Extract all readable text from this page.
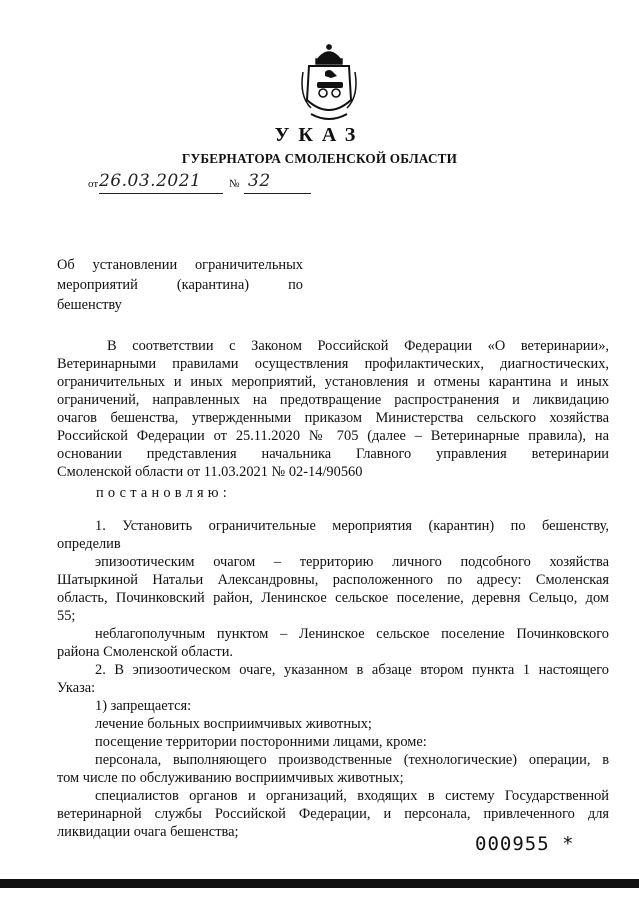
УКАЗ
ГУБЕРНАТОРА СМОЛЕНСКОЙ ОБЛАСТИ
от 26.03.2021	№ 32
Об установлении ограничительных
мероприятий (карантина) по
бешенству
В соответствии с Законом Российской Федерации «О ветеринарии»,
Ветеринарными правилами осуществления профилактических, диагностических,
ограничительных и иных мероприятий, установления и отмены карантина и иных
ограничений, направленных на предотвращение распространения и ликвидацию
очагов бешенства, утвержденными приказом Министерства сельского хозяйства
Российской Федерации от 25.11.2020 № 705 (далее – Ветеринарные правила), на
основании представления начальника Главного управления ветеринарии
Смоленской области от 11.03.2021 № 02-14/90560
постановляю:
1. Установить ограничительные мероприятия (карантин) по бешенству,
определив
эпизоотическим очагом – территорию личного подсобного хозяйства
Шатыркиной Натальи Александровны, расположенного по адресу: Смоленская
область, Починковский район, Ленинское сельское поселение, деревня Сельцо, дом
55;
неблагополучным пунктом – Ленинское сельское поселение Починковского
района Смоленской области.
2. В эпизоотическом очаге, указанном в абзаце втором пункта 1 настоящего
Указа:
1) запрещается:
лечение больных восприимчивых животных;
посещение территории посторонними лицами, кроме:
персонала, выполняющего производственные (технологические) операции, в
том числе по обслуживанию восприимчивых животных;
специалистов органов и организаций, входящих в систему Государственной
ветеринарной службы Российской Федерации, и персонала, привлеченного для
ликвидации очага бешенства;
000955 *
